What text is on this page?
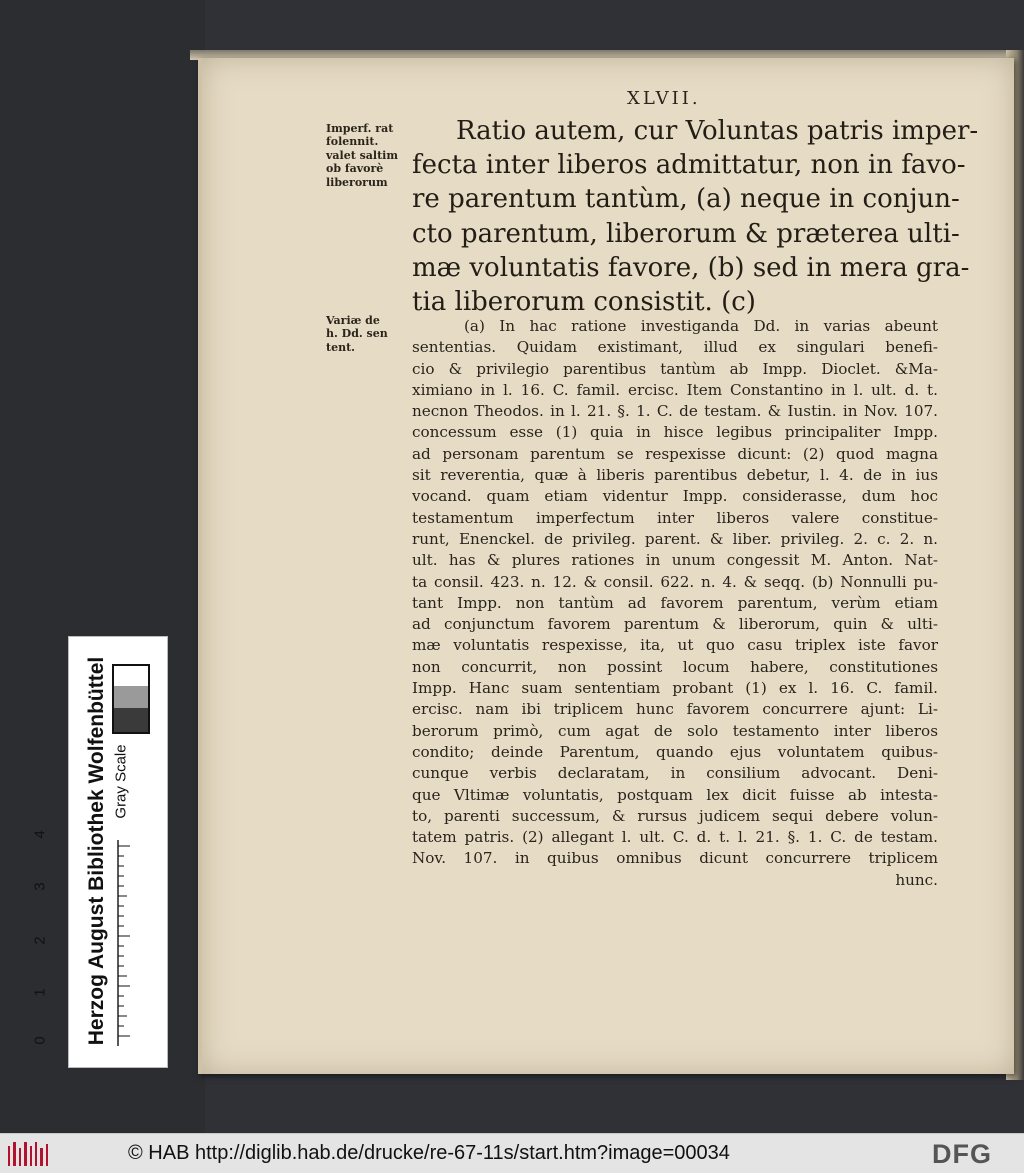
XLVII.
Ratio autem, cur Voluntas patris imper-
fecta inter liberos admittatur, non in favo-
re parentum tantùm, (a) neque in conjun-
cto parentum, liberorum & præterea ulti-
mæ voluntatis favore, (b) sed in mera gra-
tia liberorum consistit. (c)
Imperf. rat
folennit.
valet saltim
ob favorè
liberorum
Variæ de
h. Dd. sen
tent.
(a) In hac ratione investiganda Dd. in varias abeunt
sententias. Quidam existimant, illud ex singulari benefi-
cio & privilegio parentibus tantùm ab Impp. Dioclet. &Ma-
ximiano in l. 16. C. famil. ercisc. Item Constantino in l. ult. d. t.
necnon Theodos. in l. 21. §. 1. C. de testam. & Iustin. in Nov. 107.
concessum esse (1) quia in hisce legibus principaliter Impp.
ad personam parentum se respexisse dicunt: (2) quod magna
sit reverentia, quæ à liberis parentibus debetur, l. 4. de in ius
vocand. quam etiam videntur Impp. considerasse, dum hoc
testamentum imperfectum inter liberos valere constitue-
runt, Enenckel. de privileg. parent. & liber. privileg. 2. c. 2. n.
ult. has & plures rationes in unum congessit M. Anton. Nat-
ta consil. 423. n. 12. & consil. 622. n. 4. & seqq. (b) Nonnulli pu-
tant Impp. non tantùm ad favorem parentum, verùm etiam
ad conjunctum favorem parentum & liberorum, quin & ulti-
mæ voluntatis respexisse, ita, ut quo casu triplex iste favor
non concurrit, non possint locum habere, constitutiones
Impp. Hanc suam sententiam probant (1) ex l. 16. C. famil.
ercisc. nam ibi triplicem hunc favorem concurrere ajunt: Li-
berorum primò, cum agat de solo testamento inter liberos
condito; deinde Parentum, quando ejus voluntatem quibus-
cunque verbis declaratam, in consilium advocant. Deni-
que Vltimæ voluntatis, postquam lex dicit fuisse ab intesta-
to, parenti successum, & rursus judicem sequi debere volun-
tatem patris. (2) allegant l. ult. C. d. t. l. 21. §. 1. C. de testam.
Nov. 107. in quibus omnibus dicunt concurrere triplicem
hunc.
Herzog August Bibliothek Wolfenbüttel Gray Scale
0
1
2
3
4
© HAB http://diglib.hab.de/drucke/re-67-11s/start.htm?image=00034	DFG
